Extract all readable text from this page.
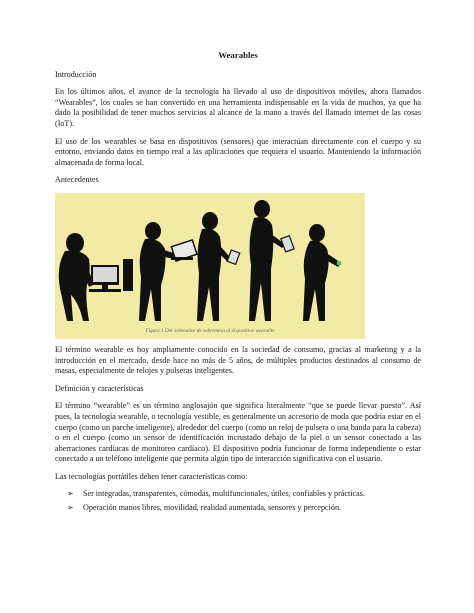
Wearables
Introducción

En los últimos años, el avance de la tecnología ha llevado al uso de dispositivos móviles, ahora llamados “Wearables”, los cuales se han convertido en una herramienta indispensable en la vida de muchos, ya que ha dado la posibilidad de tener muchos servicios al alcance de la mano a través del llamado internet de las cosas (IoT).

El uso de los wearables se basa en dispositivos (sensores) que interactúan directamente con el cuerpo y su entorno, enviando datos en tiempo real a las aplicaciones que requiera el usuario. Manteniendo la información almacenada de forma local.

Antecedentes
Figura 1 Del ordenador de sobremesa al dispositivo wearable

El término wearable es hoy ampliamente conocido en la sociedad de consumo, gracias al marketing y a la introducción en el mercado, desde hace no más de 5 años, de múltiples productos destinados al consumo de masas, especialmente de relojes y pulseras inteligentes.

Definición y características

El término “wearable” es un término anglosajón que significa literalmente “que se puede llevar puesto”. Así pues, la tecnología wearable, o tecnología vestible, es generalmente un accesorio de moda que podría estar en el cuerpo (como un parche inteligente), alrededor del cuerpo (como un reloj de pulsera o una banda para la cabeza) o en el cuerpo (como un sensor de identificación incrustado debajo de la piel o un sensor conectado a las aberraciones cardíacas de monitoreo cardíaco). El dispositivo podría funcionar de forma independiente o estar conectado a un teléfono inteligente que permita algún tipo de interacción significativa con el usuario.

Las tecnologías portátiles deben tener características como:

➢ Ser integradas, transparentes, cómodas, multifuncionales, útiles, confiables y prácticas.
➢ Operación manos libres, movilidad, realidad aumentada, sensores y percepción.
